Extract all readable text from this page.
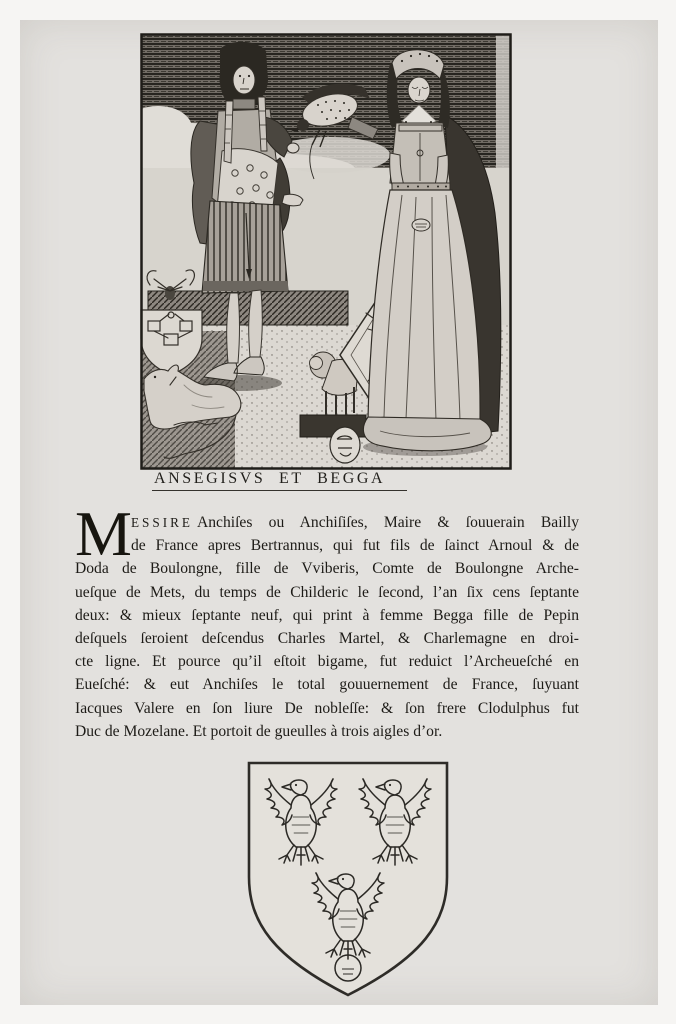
ANSEGISVS ET BEGGA
M ESSIRE Anchiſes ou Anchiſiſes, Maire & ſouuerain Bailly
de France apres Bertrannus, qui fut fils de ſainct Arnoul & de
Doda de Boulongne, fille de Vviberis, Comte de Boulongne Arche-
ueſque de Mets, du temps de Childeric le ſecond, l’an ſix cens ſeptante
deux: & mieux ſeptante neuf, qui print à femme Begga fille de Pepin
deſquels ſeroient deſcendus Charles Martel, & Charlemagne en droi-
cte ligne. Et pource qu’il eſtoit bigame, fut reduict l’Archeueſché en
Eueſché: & eut Anchiſes le total gouuernement de France, ſuyuant
Iacques Valere en ſon liure De nobleſſe: & ſon frere Clodulphus fut
Duc de Mozelane. Et portoit de gueulles à trois aigles d’or.
